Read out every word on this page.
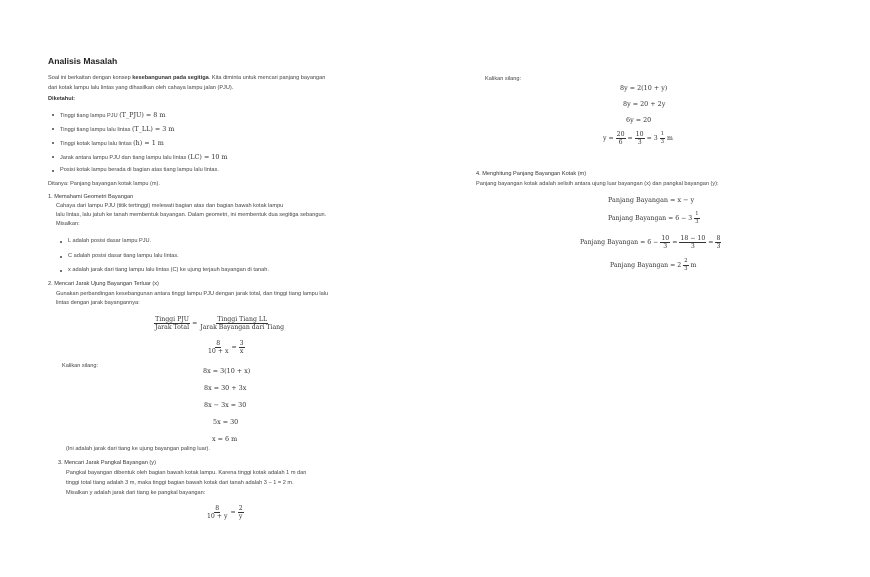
Analisis Masalah
Soal ini berkaitan dengan konsep kesebangunan pada segitiga. Kita diminta untuk mencari panjang bayangan
dari kotak lampu lalu lintas yang dihasilkan oleh cahaya lampu jalan (PJU).
Diketahui:
Tinggi tiang lampu PJU (T_PJU) = 8 m
Tinggi tiang lampu lalu lintas (T_LL) = 3 m
Tinggi kotak lampu lalu lintas (h) = 1 m
Jarak antara lampu PJU dan tiang lampu lalu lintas (LC) = 10 m
Posisi kotak lampu berada di bagian atas tiang lampu lalu lintas.
Ditanya: Panjang bayangan kotak lampu (m).
1. Memahami Geometri Bayangan
Cahaya dari lampu PJU (titik tertinggi) melewati bagian atas dan bagian bawah kotak lampu
lalu lintas, lalu jatuh ke tanah membentuk bayangan. Dalam geometri, ini membentuk dua segitiga sebangun.
Misalkan:
L adalah posisi dasar lampu PJU.
C adalah posisi dasar tiang lampu lalu lintas.
x adalah jarak dari tiang lampu lalu lintas (C) ke ujung terjauh bayangan di tanah.
2. Mencari Jarak Ujung Bayangan Terluar (x)
Gunakan perbandingan kesebangunan antara tinggi lampu PJU dengan jarak total, dan tinggi tiang lampu lalu
lintas dengan jarak bayangannya:
$\frac{\text{Tinggi PJU}}{\text{Jarak Total}} = \frac{\text{Tinggi Tiang LL}}{\text{Jarak Bayangan dari Tiang}}$
$\frac{8}{10 + x} = \frac{3}{x}$
Kalikan silang:
8x = 3(10 + x)
8x = 30 + 3x
8x − 3x = 30
5x = 30
x = 6 m
(Ini adalah jarak dari tiang ke ujung bayangan paling luar).
3. Mencari Jarak Pangkal Bayangan (y)
Pangkal bayangan dibentuk oleh bagian bawah kotak lampu. Karena tinggi kotak adalah 1 m dan
tinggi total tiang adalah 3 m, maka tinggi bagian bawah kotak dari tanah adalah 3 − 1 = 2 m.
Misalkan y adalah jarak dari tiang ke pangkal bayangan:
$\frac{8}{10 + y} = \frac{2}{y}$
Kalikan silang:
8y = 2(10 + y)
8y = 20 + 2y
6y = 20
$y = \frac{20}{6} = \frac{10}{3} = 3 \frac{1}{3}$ m
4. Menghitung Panjang Bayangan Kotak (m)
Panjang bayangan kotak adalah selisih antara ujung luar bayangan (x) dan pangkal bayangan (y):
Panjang Bayangan = x − y
Panjang Bayangan = $6 - 3 \frac{1}{3}$
Panjang Bayangan = $6 - \frac{10}{3} = \frac{18 - 10}{3} = \frac{8}{3}$
Panjang Bayangan = $2 \frac{2}{3}$ m
